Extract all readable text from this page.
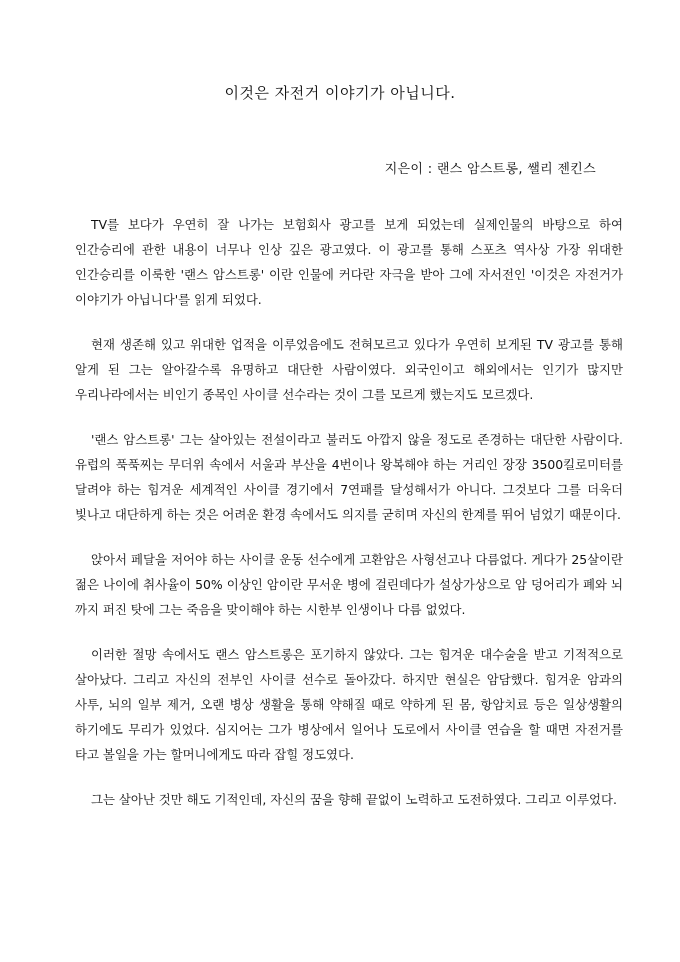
이것은 자전거 이야기가 아닙니다.

지은이 : 랜스 암스트롱, 쌜리 젠킨스

TV를 보다가 우연히 잘 나가는 보험회사 광고를 보게 되었는데 실제인물의 바탕으로 하여 인간승리에 관한 내용이 너무나 인상 깊은 광고였다. 이 광고를 통해 스포츠 역사상 가장 위대한 인간승리를 이룩한 '랜스 암스트롱' 이란 인물에 커다란 자극을 받아 그에 자서전인 '이것은 자전거가 이야기가 아닙니다'를 읽게 되었다.

현재 생존해 있고 위대한 업적을 이루었음에도 전혀모르고 있다가 우연히 보게된 TV 광고를 통해 알게 된 그는 알아갈수록 유명하고 대단한 사람이였다. 외국인이고 해외에서는 인기가 많지만 우리나라에서는 비인기 종목인 사이클 선수라는 것이 그를 모르게 했는지도 모르겠다.

'랜스 암스트롱' 그는 살아있는 전설이라고 불러도 아깝지 않을 정도로 존경하는 대단한 사람이다. 유럽의 푹푹찌는 무더위 속에서 서울과 부산을 4번이나 왕복해야 하는 거리인 장장 3500킬로미터를 달려야 하는 힘겨운 세계적인 사이클 경기에서 7연패를 달성해서가 아니다. 그것보다 그를 더욱더 빛나고 대단하게 하는 것은 어려운 환경 속에서도 의지를 굳히며 자신의 한계를 뛰어 넘었기 때문이다.

앉아서 페달을 저어야 하는 사이클 운동 선수에게 고환암은 사형선고나 다름없다. 게다가 25살이란 젊은 나이에 취사율이 50% 이상인 암이란 무서운 병에 걸린데다가 설상가상으로 암 덩어리가 폐와 뇌 까지 퍼진 탓에 그는 죽음을 맞이해야 하는 시한부 인생이나 다름 없었다.

이러한 절망 속에서도 랜스 암스트롱은 포기하지 않았다. 그는 힘겨운 대수술을 받고 기적적으로 살아났다. 그리고 자신의 전부인 사이클 선수로 돌아갔다. 하지만 현실은 암담했다. 힘겨운 암과의 사투, 뇌의 일부 제거, 오랜 병상 생활을 통해 약해질 때로 약하게 된 몸, 항암치료 등은 일상생활의 하기에도 무리가 있었다. 심지어는 그가 병상에서 일어나 도로에서 사이클 연습을 할 때면 자전거를 타고 볼일을 가는 할머니에게도 따라 잡힐 정도였다.

그는 살아난 것만 해도 기적인데, 자신의 꿈을 향해 끝없이 노력하고 도전하였다. 그리고 이루었다.
